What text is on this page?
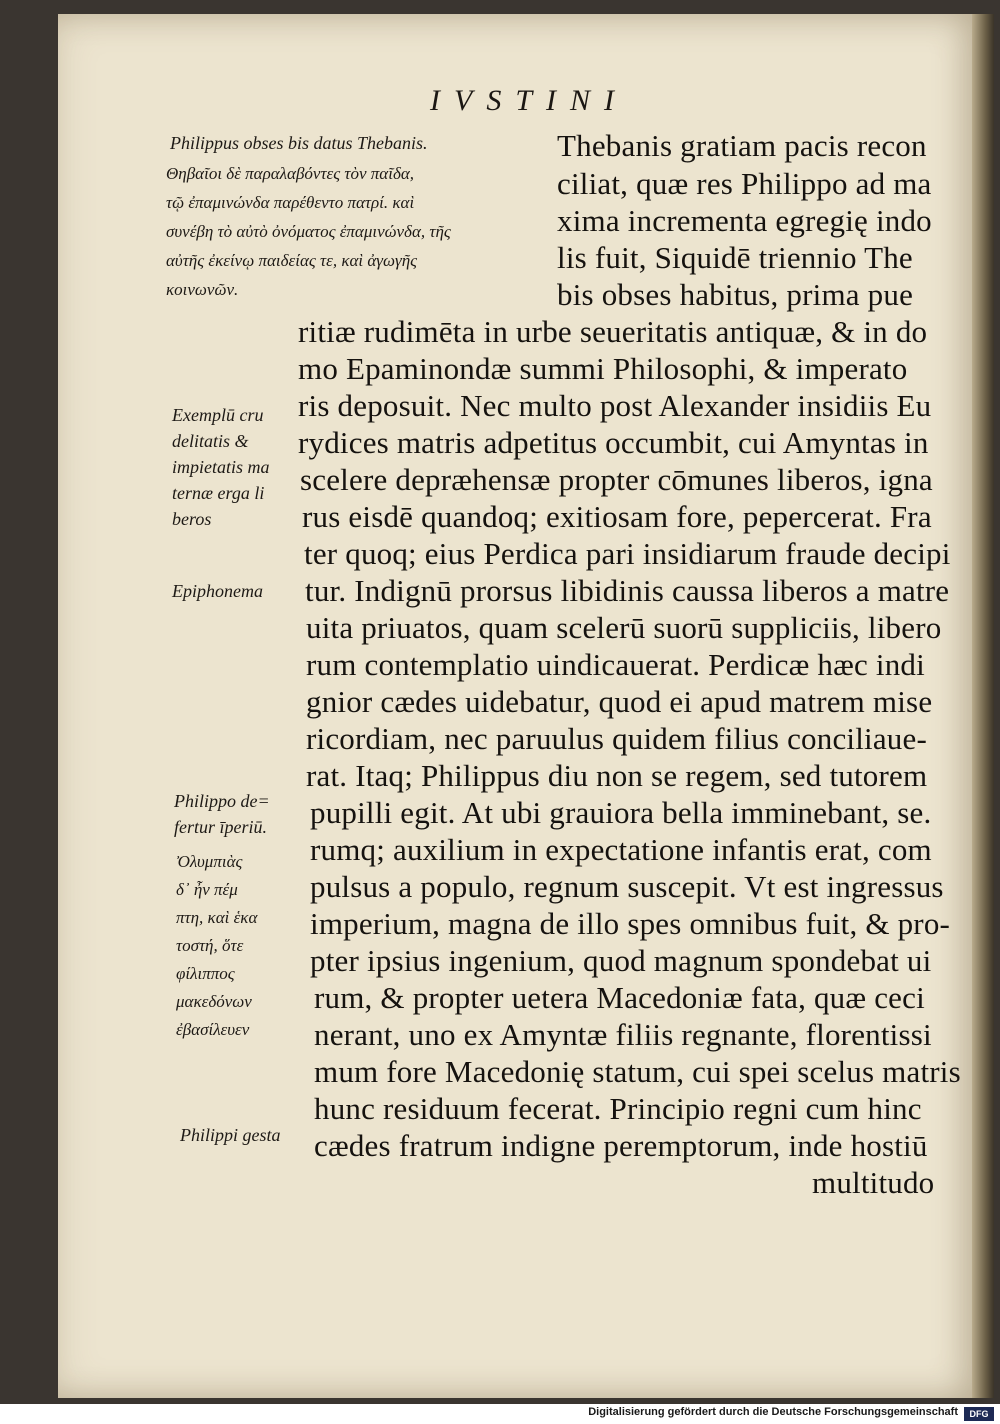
IVSTINI
Thebanis gratiam pacis recon
ciliat, quæ res Philippo ad ma
xima incrementa egregię indo
lis fuit, Siquidē triennio The
bis obses habitus, prima pue
ritiæ rudimēta in urbe seueritatis antiquæ, & in do
mo Epaminondæ summi Philosophi, & imperato
ris deposuit. Nec multo post Alexander insidiis Eu
rydices matris adpetitus occumbit, cui Amyntas in
scelere depræhensæ propter cōmunes liberos, igna
rus eisdē quandoq; exitiosam fore, pepercerat. Fra
ter quoq; eius Perdica pari insidiarum fraude decipi
tur. Indignū prorsus libidinis caussa liberos a matre
uita priuatos, quam scelerū suorū suppliciis, libero
rum contemplatio uindicauerat. Perdicæ hæc indi
gnior cædes uidebatur, quod ei apud matrem mise
ricordiam, nec paruulus quidem filius conciliaue-
rat. Itaq; Philippus diu non se regem, sed tutorem
pupilli egit. At ubi grauiora bella imminebant, se.
rumq; auxilium in expectatione infantis erat, com
pulsus a populo, regnum suscepit. Vt est ingressus
imperium, magna de illo spes omnibus fuit, & pro-
pter ipsius ingenium, quod magnum spondebat ui
rum, & propter uetera Macedoniæ fata, quæ ceci
nerant, uno ex Amyntæ filiis regnante, florentissi
mum fore Macedonię statum, cui spei scelus matris
hunc residuum fecerat. Principio regni cum hinc
cædes fratrum indigne peremptorum, inde hostiū
multitudo
Philippus obses bis datus Thebanis.
Θηβαῖοι δὲ παραλαβόντες τὸν παῖδα,
τῷ ἐπαμινώνδα παρέθεντο πατρί. καὶ
συνέβη τὸ αὐτὸ ὀνόματος ἐπαμινώνδα, τῆς
αὐτῆς ἐκείνῳ παιδείας τε, καὶ ἀγωγῆς
κοινωνῶν.
Exemplū cru
delitatis &
impietatis ma
ternæ erga li
beros
Epiphonema
Philippo de=
fertur īperiū.
Ὀλυμπιὰς
δ᾽ ἦν πέμ
πτη, καὶ ἑκα
τοστή, ὅτε
φίλιππος
μακεδόνων
ἐβασίλευεν
Philippi gesta
Digitalisierung gefördert durch die Deutsche Forschungsgemeinschaft	DFG
